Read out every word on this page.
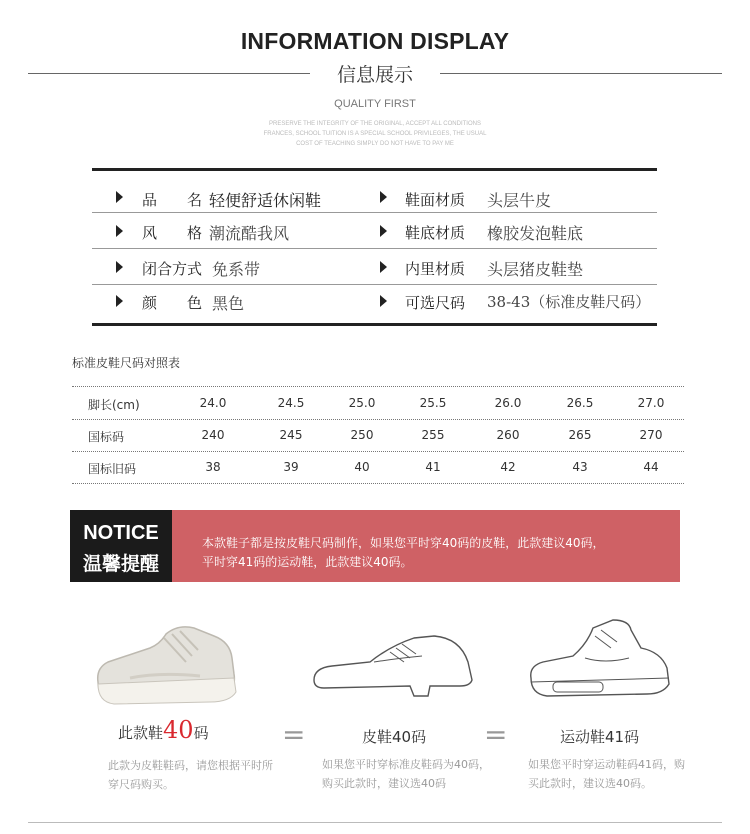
INFORMATION DISPLAY
信息展示
QUALITY FIRST
PRESERVE THE INTEGRITY OF THE ORIGINAL, ACCEPT ALL CONDITIONS
FRANCES, SCHOOL TUITION IS A SPECIAL SCHOOL PRIVILEGES, THE USUAL
COST OF TEACHING SIMPLY DO NOT HAVE TO PAY ME
品　　名 轻便舒适休闲鞋	鞋面材质 头层牛皮
风　　格 潮流酷我风	鞋底材质 橡胶发泡鞋底
闭合方式 免系带	内里材质 头层猪皮鞋垫
颜　　色 黑色	可选尺码 38-43（标准皮鞋尺码）
标准皮鞋尺码对照表
脚长(cm)	24.0	24.5	25.0	25.5	26.0	26.5	27.0
国标码	240	245	250	255	260	265	270
国标旧码	38	39	40	41	42	43	44
NOTICE
温馨提醒
本款鞋子都是按皮鞋尺码制作，如果您平时穿40码的皮鞋，此款建议40码，
平时穿41码的运动鞋，此款建议40码。
此款鞋40码
此款为皮鞋鞋码，请您根据平时所
穿尺码购买。
=	皮鞋40码
如果您平时穿标准皮鞋码为40码，
购买此款时，建议选40码
=	运动鞋41码
如果您平时穿运动鞋码41码，购
买此款时，建议选40码。
